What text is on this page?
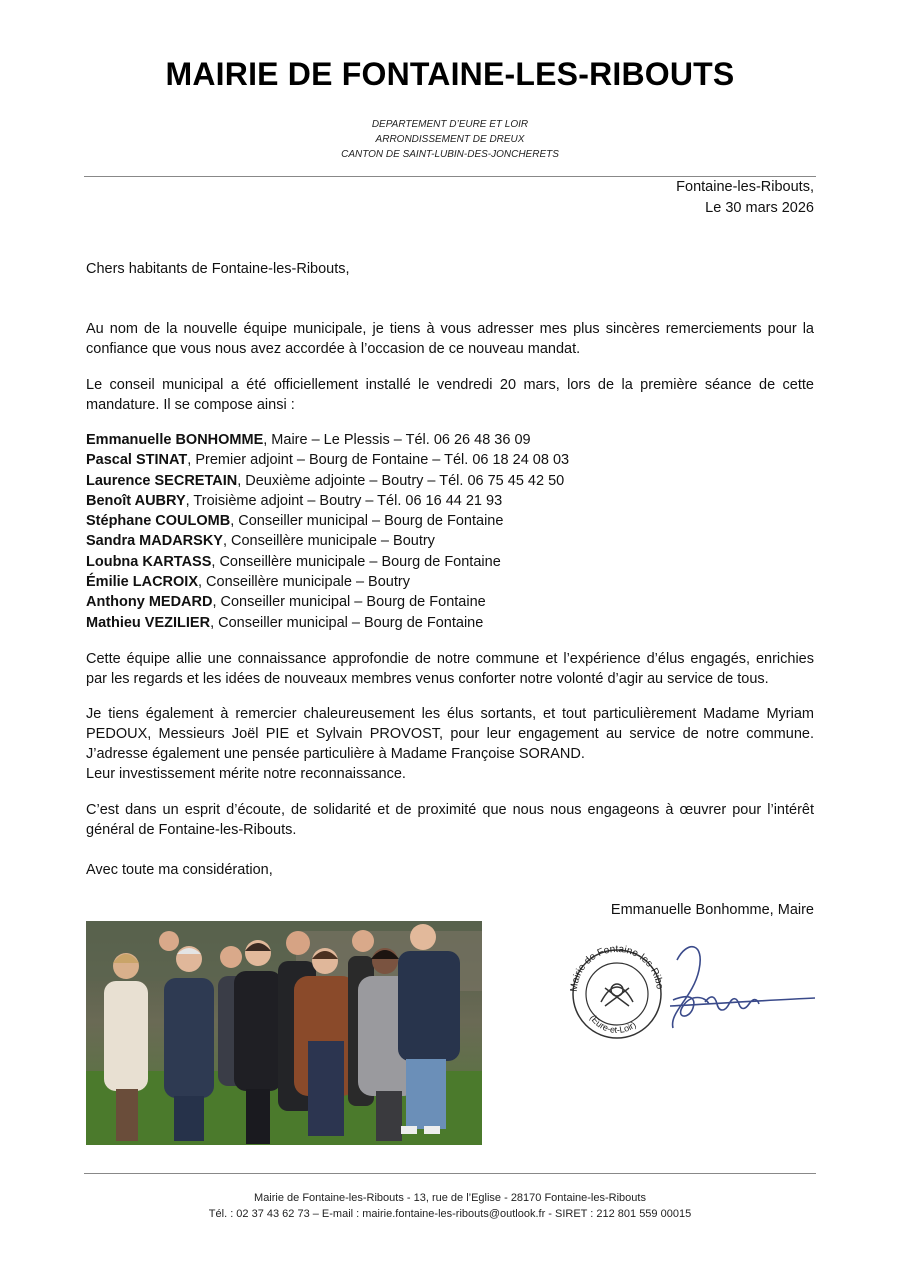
MAIRIE DE FONTAINE-LES-RIBOUTS
DEPARTEMENT D’EURE ET LOIR
ARRONDISSEMENT DE DREUX
CANTON DE SAINT-LUBIN-DES-JONCHERETS
Fontaine-les-Ribouts,
Le 30 mars 2026
Chers habitants de Fontaine-les-Ribouts,
Au nom de la nouvelle équipe municipale, je tiens à vous adresser mes plus sincères remerciements pour la confiance que vous nous avez accordée à l’occasion de ce nouveau mandat.
Le conseil municipal a été officiellement installé le vendredi 20 mars, lors de la première séance de cette mandature. Il se compose ainsi :
Emmanuelle BONHOMME, Maire – Le Plessis – Tél. 06 26 48 36 09
Pascal STINAT, Premier adjoint – Bourg de Fontaine – Tél. 06 18 24 08 03
Laurence SECRETAIN, Deuxième adjointe – Boutry – Tél. 06 75 45 42 50
Benoît AUBRY, Troisième adjoint – Boutry – Tél. 06 16 44 21 93
Stéphane COULOMB, Conseiller municipal – Bourg de Fontaine
Sandra MADARSKY, Conseillère municipale – Boutry
Loubna KARTASS, Conseillère municipale – Bourg de Fontaine
Émilie LACROIX, Conseillère municipale – Boutry
Anthony MEDARD, Conseiller municipal – Bourg de Fontaine
Mathieu VEZILIER, Conseiller municipal – Bourg de Fontaine
Cette équipe allie une connaissance approfondie de notre commune et l’expérience d’élus engagés, enrichies par les regards et les idées de nouveaux membres venus conforter notre volonté d’agir au service de tous.
Je tiens également à remercier chaleureusement les élus sortants, et tout particulièrement Madame Myriam PEDOUX, Messieurs Joël PIE et Sylvain PROVOST, pour leur engagement au service de notre commune. J’adresse également une pensée particulière à Madame Françoise SORAND.
Leur investissement mérite notre reconnaissance.
C’est dans un esprit d’écoute, de solidarité et de proximité que nous nous engageons à œuvrer pour l’intérêt général de Fontaine-les-Ribouts.
Avec toute ma considération,
Emmanuelle Bonhomme, Maire
Mairie de Fontaine-les-Ribo
(Eure-et-Loir)
Mairie de Fontaine-les-Ribouts - 13, rue de l’Eglise - 28170 Fontaine-les-Ribouts
Tél. : 02 37 43 62 73 – E-mail : mairie.fontaine-les-ribouts@outlook.fr - SIRET : 212 801 559 00015
